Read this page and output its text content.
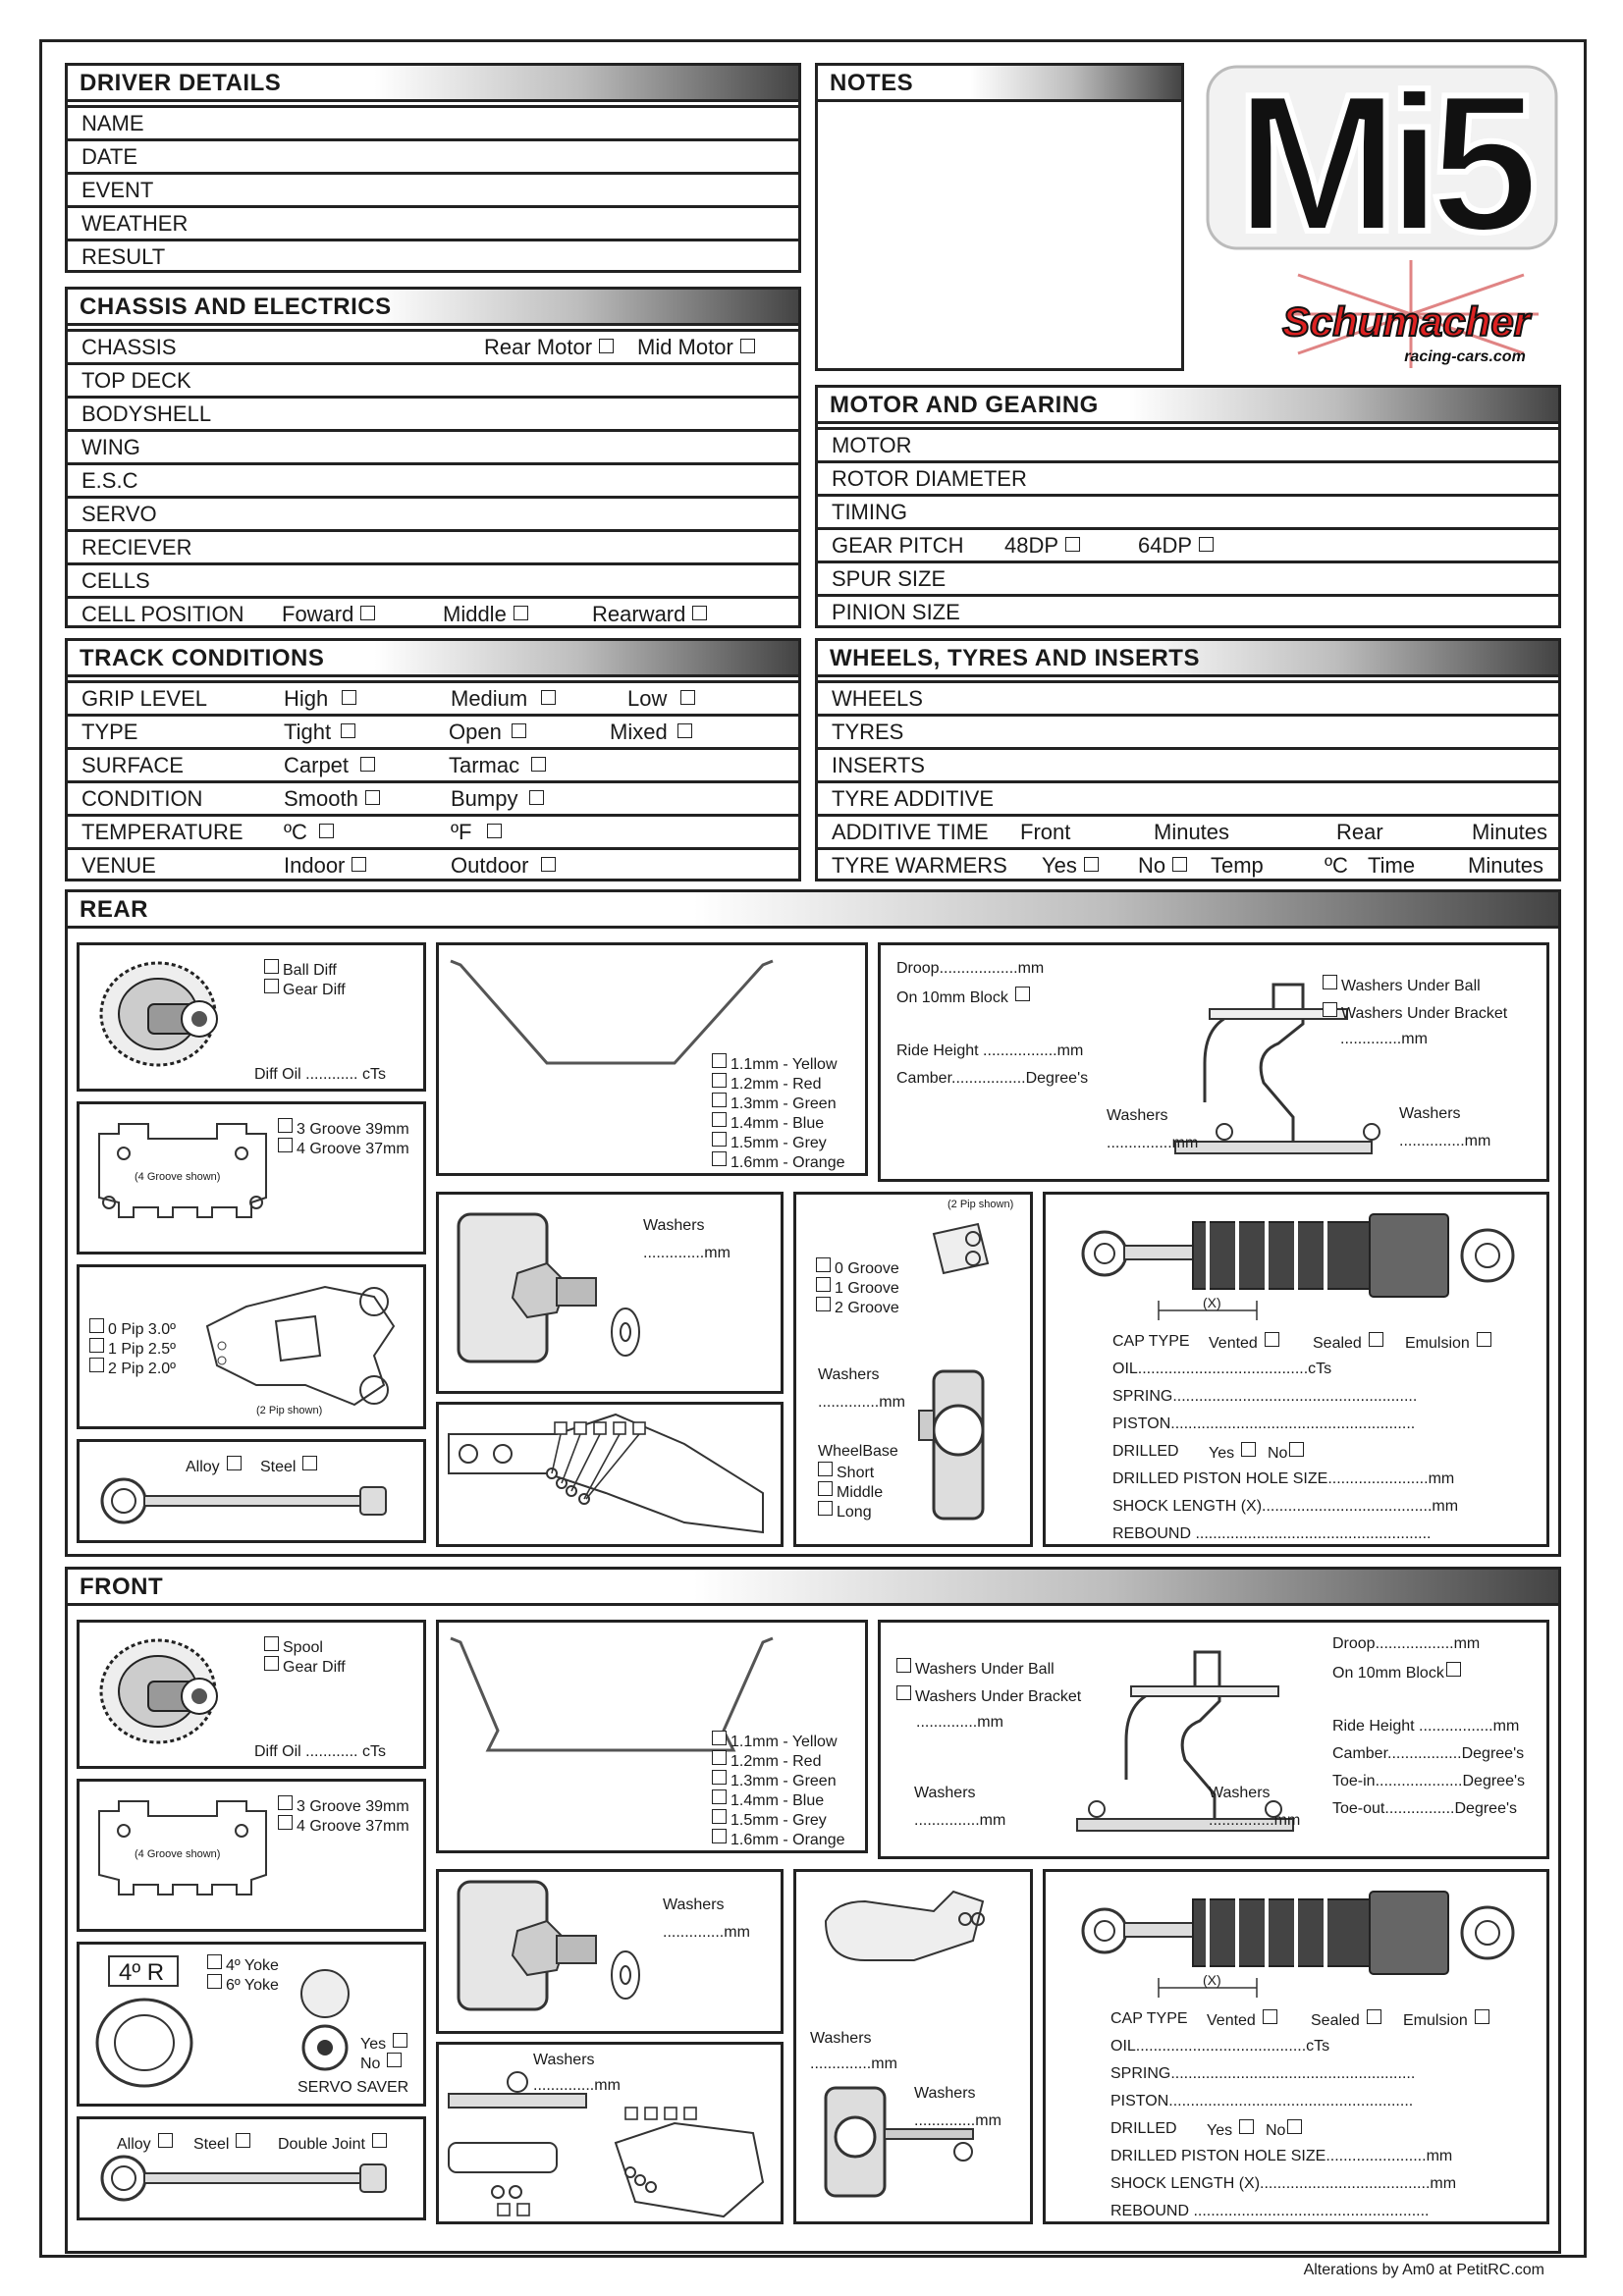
DRIVER DETAILS
NAME
DATE
EVENT
WEATHER
RESULT
NOTES Mi5
Schumacher
racing-cars.com
CHASSIS AND ELECTRICS
CHASSIS	Rear Motor	Mid Motor
TOP DECK
BODYSHELL
WING
E.S.C
SERVO
RECIEVER
CELLS
CELL POSITION Foward	Middle	Rearward
MOTOR AND GEARING
MOTOR
ROTOR DIAMETER
TIMING
GEAR PITCH 48DP	64DP
SPUR SIZE
PINION SIZE
TRACK CONDITIONS
GRIP LEVEL	High	Medium	Low
TYPE	Tight	Open	Mixed
SURFACE	Carpet	Tarmac
CONDITION	Smooth	Bumpy
TEMPERATURE ºC	ºF
VENUE	Indoor	Outdoor
WHEELS, TYRES AND INSERTS
WHEELS
TYRES
INSERTS
TYRE ADDITIVE
ADDITIVE TIME Front	Minutes	Rear	Minutes
TYRE WARMERS Yes	No	Temp	ºC Time Minutes
REAR
Ball Diff
Gear Diff
Diff Oil ............ cTs
(4 Groove shown)
3 Groove 39mm
4 Groove 37mm
0 Pip 3.0º
1 Pip 2.5º
2 Pip 2.0º
(2 Pip shown)
Alloy	Steel
1.1mm - Yellow
1.2mm - Red
1.3mm - Green
1.4mm - Blue
1.5mm - Grey
1.6mm - Orange
Droop..................mm
On 10mm Block
Ride Height .................mm
Camber.................Degree's
Washers Under Ball
Washers Under Bracket
..............mm
Washers
...............mm
Washers
...............mm
Washers
..............mm
(2 Pip shown)
0 Groove
1 Groove
2 Groove
Washers
..............mm
WheelBase
Short
Middle
Long
(X)
CAP TYPE Vented	Sealed	Emulsion
OIL.......................................cTs
SPRING........................................................
PISTON........................................................
DRILLED Yes	No
DRILLED PISTON HOLE SIZE.......................mm
SHOCK LENGTH (X).......................................mm
REBOUND ......................................................
FRONT
Spool
Gear Diff
Diff Oil ............ cTs
(4 Groove shown)
3 Groove 39mm
4 Groove 37mm
4º R	4º Yoke
6º Yoke
Yes
No
SERVO SAVER
Alloy	Steel	Double Joint
1.1mm - Yellow
1.2mm - Red
1.3mm - Green
1.4mm - Blue
1.5mm - Grey
1.6mm - Orange
Washers Under Ball
Washers Under Bracket
..............mm
Droop..................mm
On 10mm Block
Ride Height .................mm
Camber.................Degree's
Toe-in....................Degree's
Toe-out................Degree's
Washers
...............mm
Washers
...............mm
Washers
..............mm
Washers
..............mm
Washers
..............mm
Washers
..............mm
(X)
CAP TYPE Vented	Sealed	Emulsion
OIL.......................................cTs
SPRING........................................................
PISTON........................................................
DRILLED Yes	No
DRILLED PISTON HOLE SIZE.......................mm
SHOCK LENGTH (X).......................................mm
REBOUND ......................................................
Alterations by Am0 at PetitRC.com
